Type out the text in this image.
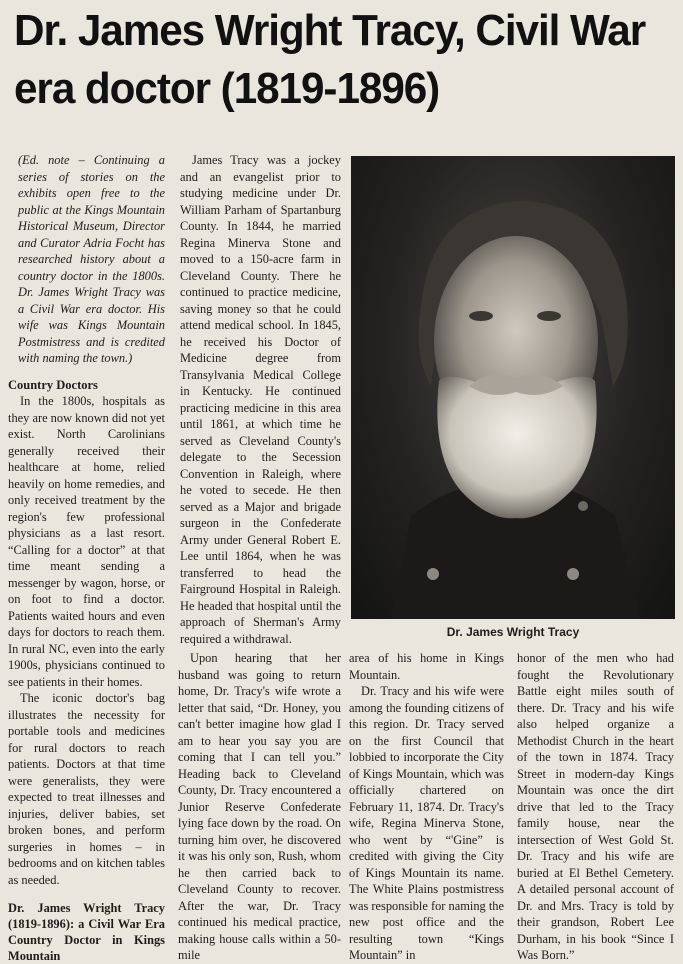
Dr. James Wright Tracy, Civil War era doctor (1819-1896)

(Ed. note – Continuing a series of stories on the exhibits open free to the public at the Kings Mountain Historical Museum, Director and Curator Adria Focht has researched history about a country doctor in the 1800s. Dr. James Wright Tracy was a Civil War era doctor. His wife was Kings Mountain Postmistress and is credited with naming the town.)

Country Doctors

In the 1800s, hospitals as they are now known did not yet exist. North Carolinians generally received their healthcare at home, relied heavily on home remedies, and only received treatment by the region's few professional physicians as a last resort. “Calling for a doctor” at that time meant sending a messenger by wagon, horse, or on foot to find a doctor. Patients waited hours and even days for doctors to reach them. In rural NC, even into the early 1900s, physicians continued to see patients in their homes.

The iconic doctor's bag illustrates the necessity for portable tools and medicines for rural doctors to reach patients. Doctors at that time were generalists, they were expected to treat illnesses and injuries, deliver babies, set broken bones, and perform surgeries in homes – in bedrooms and on kitchen tables as needed.

Dr. James Wright Tracy (1819-1896): a Civil War Era Country Doctor in Kings Mountain

James Tracy was a jockey and an evangelist prior to studying medicine under Dr. William Parham of Spartanburg County. In 1844, he married Regina Minerva Stone and moved to a 150-acre farm in Cleveland County. There he continued to practice medicine, saving money so that he could attend medical school. In 1845, he received his Doctor of Medicine degree from Transylvania Medical College in Kentucky. He continued practicing medicine in this area until 1861, at which time he served as Cleveland County's delegate to the Secession Convention in Raleigh, where he voted to secede. He then served as a Major and brigade surgeon in the Confederate Army under General Robert E. Lee until 1864, when he was transferred to head the Fairground Hospital in Raleigh. He headed that hospital until the approach of Sherman's Army required a withdrawal.

Upon hearing that her husband was going to return home, Dr. Tracy's wife wrote a letter that said, “Dr. Honey, you can't better imagine how glad I am to hear you say you are coming that I can tell you.” Heading back to Cleveland County, Dr. Tracy encountered a Junior Reserve Confederate lying face down by the road. On turning him over, he discovered it was his only son, Rush, whom he then carried back to Cleveland County to recover. After the war, Dr. Tracy continued his medical practice, making house calls within a 50-mile

Dr. James Wright Tracy

area of his home in Kings Mountain.

Dr. Tracy and his wife were among the founding citizens of this region. Dr. Tracy served on the first Council that lobbied to incorporate the City of Kings Mountain, which was officially chartered on February 11, 1874. Dr. Tracy's wife, Regina Minerva Stone, who went by “'Gine” is credited with giving the City of Kings Mountain its name. The White Plains postmistress was responsible for naming the new post office and the resulting town “Kings Mountain” in

honor of the men who had fought the Revolutionary Battle eight miles south of there. Dr. Tracy and his wife also helped organize a Methodist Church in the heart of the town in 1874. Tracy Street in modern-day Kings Mountain was once the dirt drive that led to the Tracy family house, near the intersection of West Gold St. Dr. Tracy and his wife are buried at El Bethel Cemetery. A detailed personal account of Dr. and Mrs. Tracy is told by their grandson, Robert Lee Durham, in his book “Since I Was Born.”
